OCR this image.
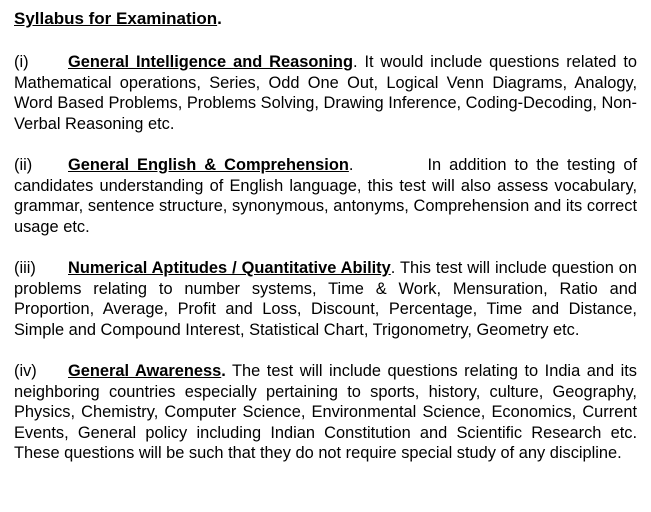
Syllabus for Examination.

(i) General Intelligence and Reasoning. It would include questions related to Mathematical operations, Series, Odd One Out, Logical Venn Diagrams, Analogy, Word Based Problems, Problems Solving, Drawing Inference, Coding-Decoding, Non-Verbal Reasoning etc.

(ii) General English & Comprehension.	In addition to the testing of candidates understanding of English language, this test will also assess vocabulary, grammar, sentence structure, synonymous, antonyms, Comprehension and its correct usage etc.

(iii) Numerical Aptitudes / Quantitative Ability. This test will include question on problems relating to number systems, Time & Work, Mensuration, Ratio and Proportion, Average, Profit and Loss, Discount, Percentage, Time and Distance, Simple and Compound Interest, Statistical Chart, Trigonometry, Geometry etc.

(iv) General Awareness. The test will include questions relating to India and its neighboring countries especially pertaining to sports, history, culture, Geography, Physics, Chemistry, Computer Science, Environmental Science, Economics, Current Events, General policy including Indian Constitution and Scientific Research etc. These questions will be such that they do not require special study of any discipline.
